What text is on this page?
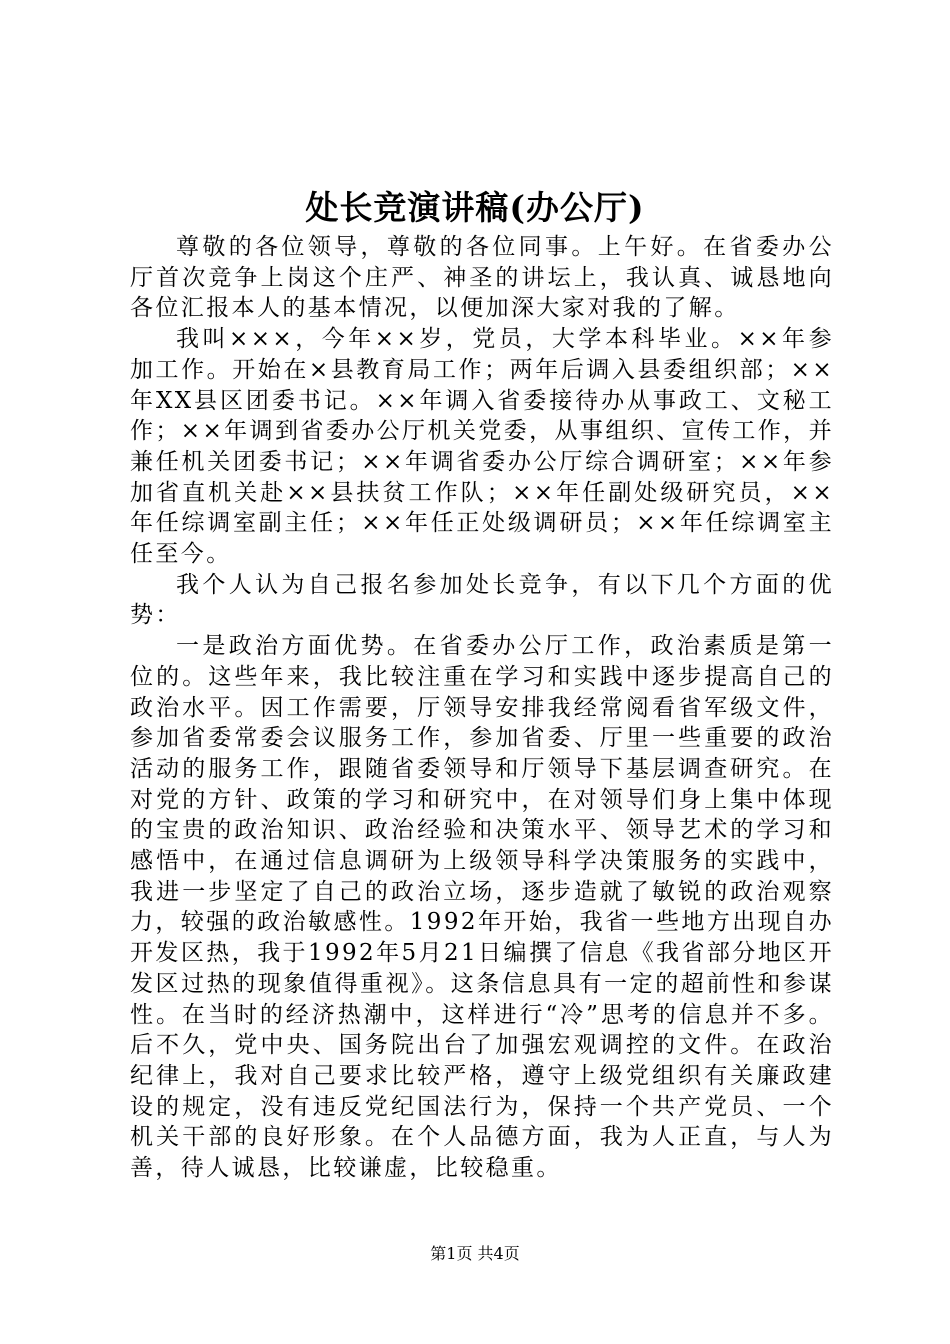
处长竞演讲稿(办公厅)

尊敬的各位领导，尊敬的各位同事。上午好。在省委办公厅首次竞争上岗这个庄严、神圣的讲坛上，我认真、诚恳地向各位汇报本人的基本情况，以便加深大家对我的了解。

我叫×××，今年××岁，党员，大学本科毕业。××年参加工作。开始在×县教育局工作；两年后调入县委组织部；××年XX县区团委书记。××年调入省委接待办从事政工、文秘工作；××年调到省委办公厅机关党委，从事组织、宣传工作，并兼任机关团委书记；××年调省委办公厅综合调研室；××年参加省直机关赴××县扶贫工作队；××年任副处级研究员，××年任综调室副主任；××年任正处级调研员；××年任综调室主任至今。

我个人认为自己报名参加处长竞争，有以下几个方面的优势：

一是政治方面优势。在省委办公厅工作，政治素质是第一位的。这些年来，我比较注重在学习和实践中逐步提高自己的政治水平。因工作需要，厅领导安排我经常阅看省军级文件，参加省委常委会议服务工作，参加省委、厅里一些重要的政治活动的服务工作，跟随省委领导和厅领导下基层调查研究。在对党的方针、政策的学习和研究中，在对领导们身上集中体现的宝贵的政治知识、政治经验和决策水平、领导艺术的学习和感悟中，在通过信息调研为上级领导科学决策服务的实践中，我进一步坚定了自己的政治立场，逐步造就了敏锐的政治观察力，较强的政治敏感性。1992年开始，我省一些地方出现自办开发区热，我于1992年5月21日编撰了信息《我省部分地区开发区过热的现象值得重视》。这条信息具有一定的超前性和参谋性。在当时的经济热潮中，这样进行“冷”思考的信息并不多。后不久，党中央、国务院出台了加强宏观调控的文件。在政治纪律上，我对自己要求比较严格，遵守上级党组织有关廉政建设的规定，没有违反党纪国法行为，保持一个共产党员、一个机关干部的良好形象。在个人品德方面，我为人正直，与人为善，待人诚恳，比较谦虚，比较稳重。

第1页 共4页
